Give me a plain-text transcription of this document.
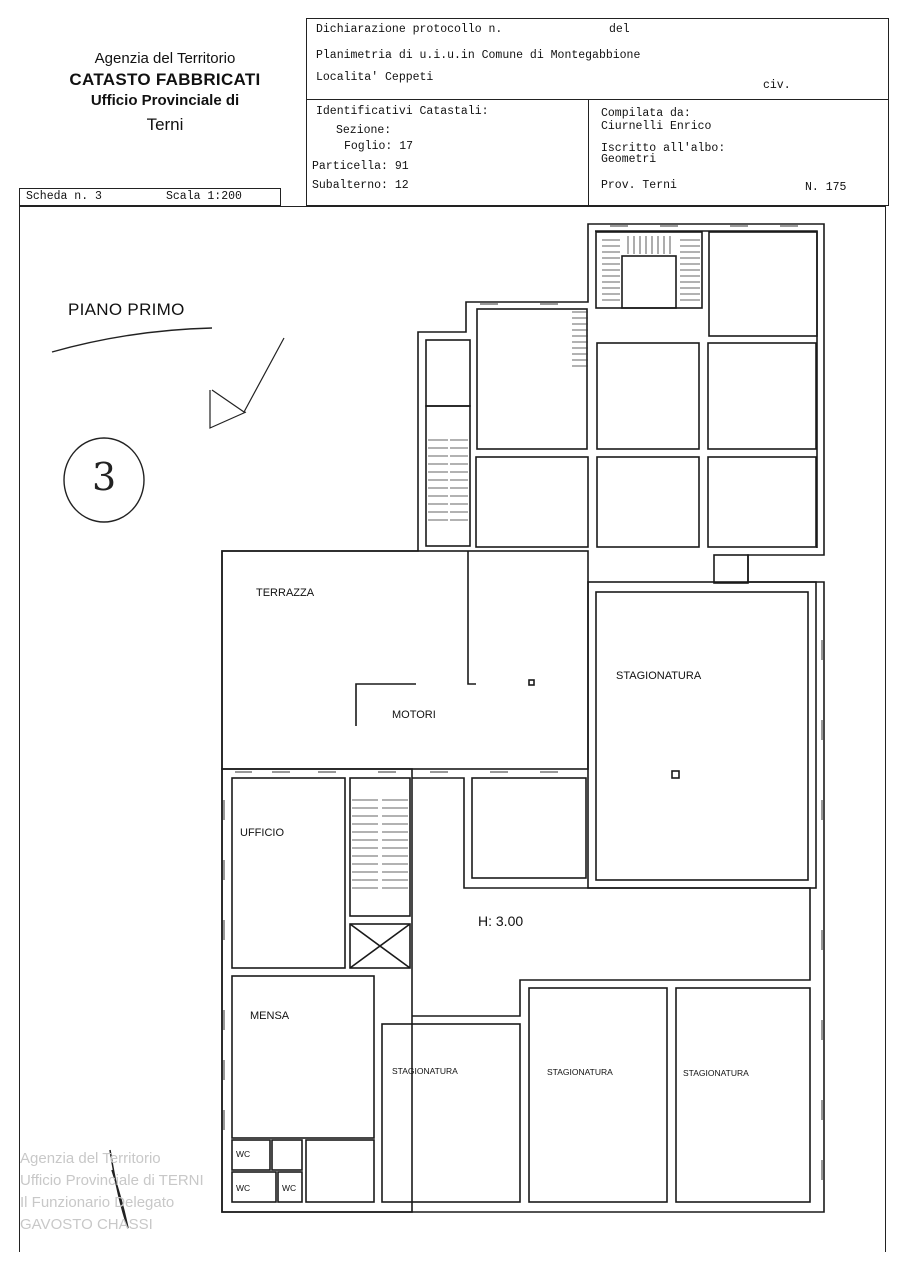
Agenzia del Territorio
CATASTO FABBRICATI
Ufficio Provinciale di
Terni
Dichiarazione protocollo n.	del
Planimetria di u.i.u.in Comune di Montegabbione
Localita' Ceppeti
civ.
Identificativi Catastali:
Sezione:
Foglio: 17
Particella: 91
Subalterno: 12
Compilata da:
Ciurnelli Enrico
Iscritto all'albo:
Geometri
Prov. Terni	N. 175
Scheda n. 3	Scala 1:200
PIANO PRIMO
3
TERRAZZA
MOTORI
STAGIONATURA
UFFICIO
H: 3.00
MENSA
STAGIONATURA	STAGIONATURA	STAGIONATURA
WC
WC	WC
Agenzia del Territorio
Ufficio Provinciale di TERNI
Il Funzionario Delegato
GAVOSTO CHASSI
